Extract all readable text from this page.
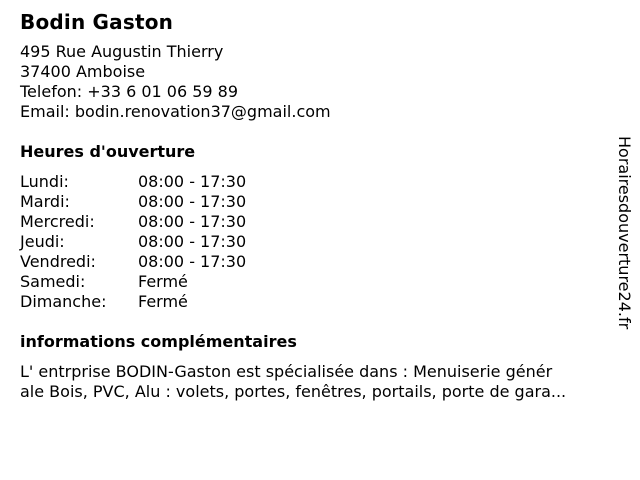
Bodin Gaston
495 Rue Augustin Thierry
37400 Amboise
Telefon: +33 6 01 06 59 89
Email: bodin.renovation37@gmail.com
Heures d'ouverture
Lundi:	08:00 - 17:30
Mardi:	08:00 - 17:30
Mercredi:	08:00 - 17:30
Jeudi:	08:00 - 17:30
Vendredi:	08:00 - 17:30
Samedi:	Fermé
Dimanche:	Fermé
informations complémentaires
L' entrprise BODIN-Gaston est spécialisée dans : Menuiserie génér
ale Bois, PVC, Alu : volets, portes, fenêtres, portails, porte de gara...
Horairesdouverture24.fr
